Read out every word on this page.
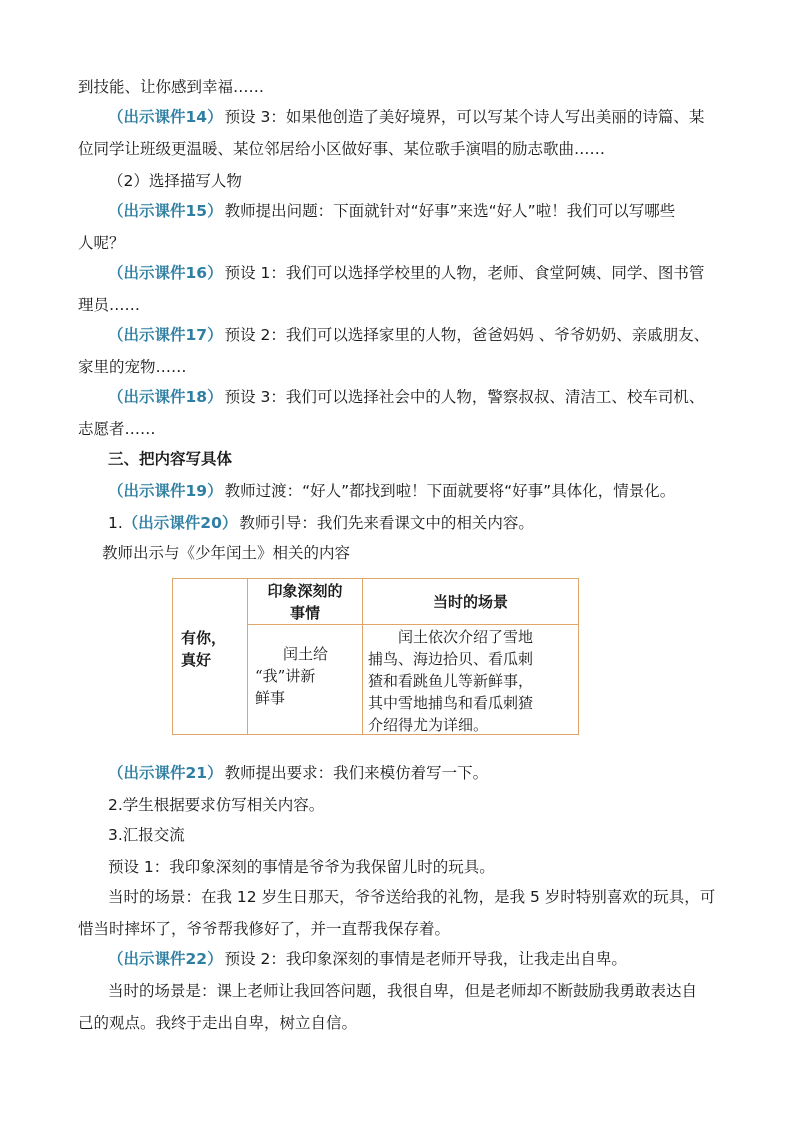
到技能、让你感到幸福……
（出示课件14） 预设 3：如果他创造了美好境界，可以写某个诗人写出美丽的诗篇、某
位同学让班级更温暖、某位邻居给小区做好事、某位歌手演唱的励志歌曲……
（2）选择描写人物
（出示课件15） 教师提出问题：下面就针对“好事”来选“好人”啦！我们可以写哪些
人呢？
（出示课件16） 预设 1：我们可以选择学校里的人物，老师、食堂阿姨、同学、图书管
理员……
（出示课件17） 预设 2：我们可以选择家里的人物，爸爸妈妈 、爷爷奶奶、亲戚朋友、
家里的宠物……
（出示课件18） 预设 3：我们可以选择社会中的人物，警察叔叔、清洁工、校车司机、
志愿者……
三、把内容写具体
（出示课件19） 教师过渡：“好人”都找到啦！下面就要将“好事”具体化，情景化。
1.（出示课件20） 教师引导：我们先来看课文中的相关内容。
教师出示与《少年闰土》相关的内容
有你，
真好
印象深刻的
事情
当时的场景
闰土给
“我”讲新
鲜事
闰土依次介绍了雪地
捕鸟、海边拾贝、看瓜刺
猹和看跳鱼儿等新鲜事，
其中雪地捕鸟和看瓜刺猹
介绍得尤为详细。
（出示课件21） 教师提出要求：我们来模仿着写一下。
2.学生根据要求仿写相关内容。
3.汇报交流
预设 1：我印象深刻的事情是爷爷为我保留儿时的玩具。
当时的场景：在我 12 岁生日那天，爷爷送给我的礼物，是我 5 岁时特别喜欢的玩具，可
惜当时摔坏了，爷爷帮我修好了，并一直帮我保存着。
（出示课件22） 预设 2：我印象深刻的事情是老师开导我，让我走出自卑。
当时的场景是：课上老师让我回答问题，我很自卑，但是老师却不断鼓励我勇敢表达自
己的观点。我终于走出自卑，树立自信。
